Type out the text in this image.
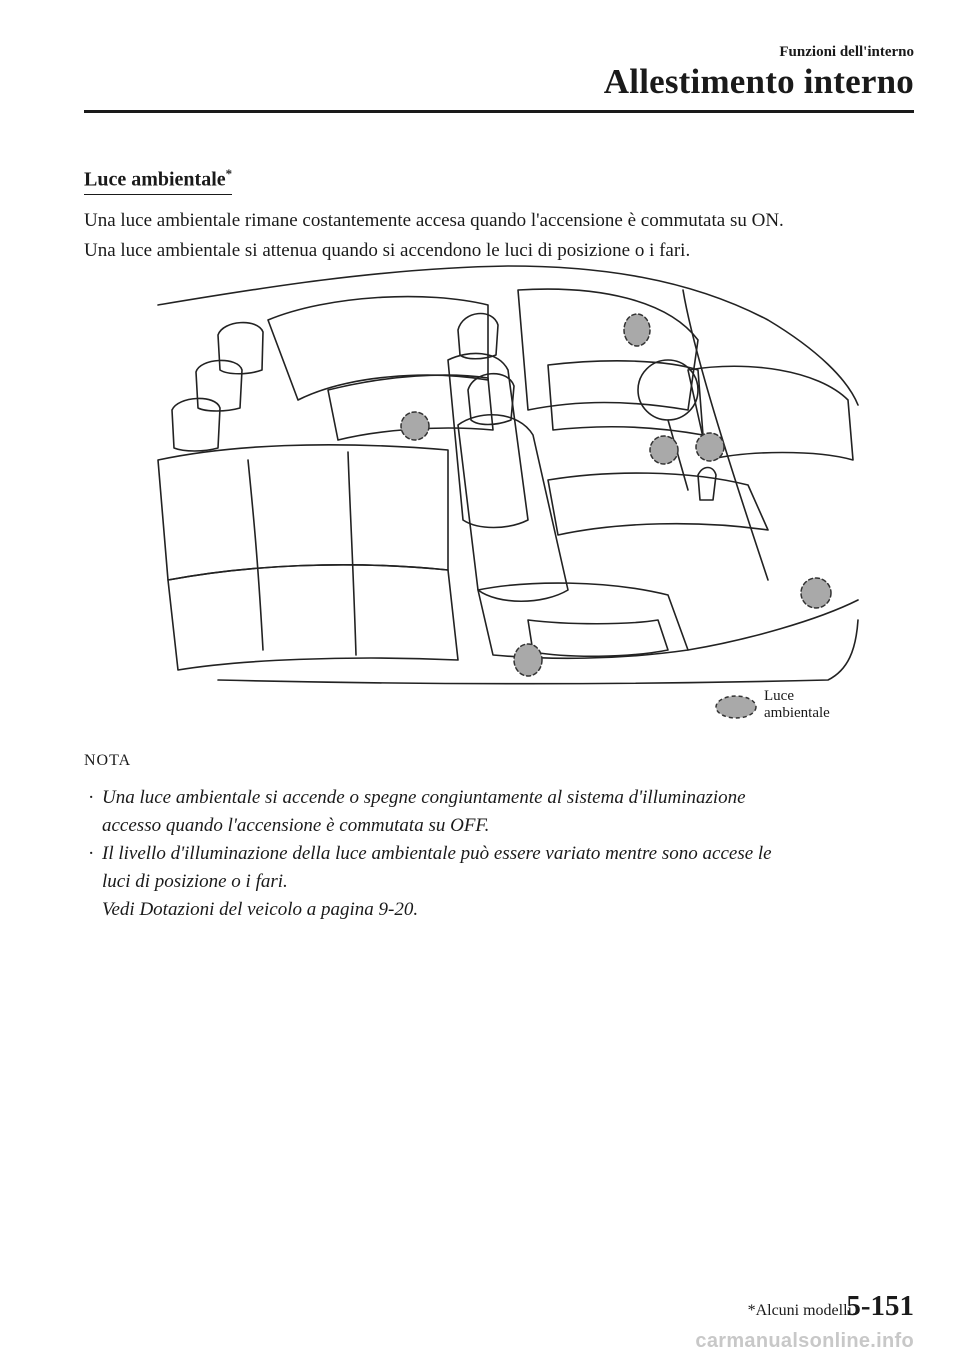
Funzioni dell'interno
Allestimento interno
Luce ambientale*

Una luce ambientale rimane costantemente accesa quando l'accensione è commutata su ON.

Una luce ambientale si attenua quando si accendono le luci di posizione o i fari.

Luce
ambientale
NOTA
· Una luce ambientale si accende o spegne congiuntamente al sistema d'illuminazione
accesso quando l'accensione è commutata su OFF.
· Il livello d'illuminazione della luce ambientale può essere variato mentre sono accese le
luci di posizione o i fari.
Vedi Dotazioni del veicolo a pagina 9-20.
*Alcuni modelli.
5-151
carmanualsonline.info
